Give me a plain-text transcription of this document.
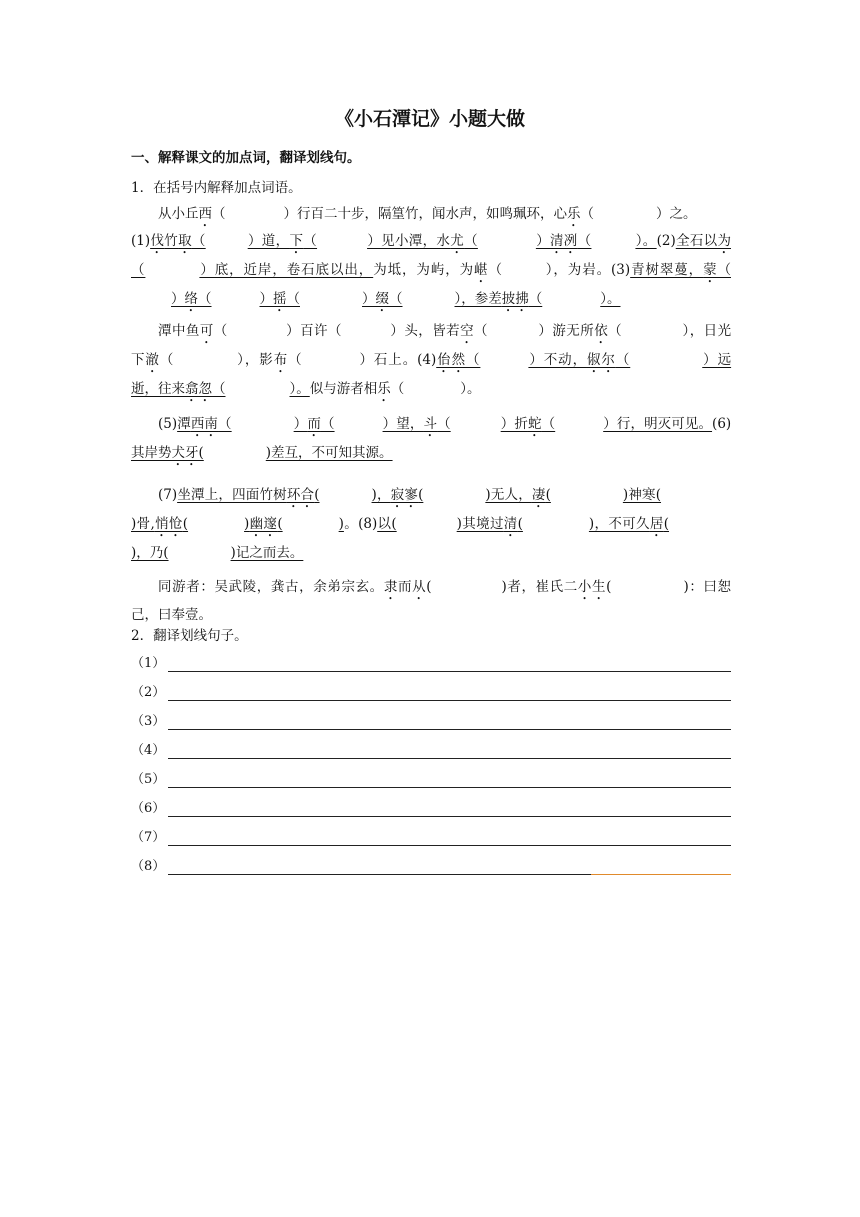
《小石潭记》小题大做
一、解释课文的加点词，翻译划线句。
1．在括号内解释加点词语。

从小丘西（	）行百二十步，隔篁竹，闻水声，如鸣珮环，心乐（	）之。

(1)伐竹取（	）道，下（	）见小潭，水尤（	）清冽（	）。(2)全石以为（	）底，近岸，卷石底以出，为坻，为屿，为嵁（	），为岩。(3)青树翠蔓，蒙（）络（	）摇（	）缀（	），参差披拂（	）。

潭中鱼可（	）百许（	）头，皆若空（	）游无所依（	），日光下澈（	），影布（	）石上。(4)佁然（	）不动，俶尔（	）远逝，往来翕忽（	）。似与游者相乐（	）。

(5)潭西南（	）而（	）望，斗（	）折蛇（	）行，明灭可见。(6)其岸势犬牙(	)差互，不可知其源。

(7)坐潭上，四面竹树环合(	)，寂寥(	)无人，凄(	)神寒()骨,悄怆(	)幽邃(	)。(8)以(	)其境过清(	)，不可久居()，乃(	)记之而去。

同游者：吴武陵，龚古，余弟宗玄。隶而从(	)者，崔氏二小生(	)：曰恕己，曰奉壹。

2．翻译划线句子。
（1）
（2）
（3）
（4）
（5）
（6）
（7）
（8）
